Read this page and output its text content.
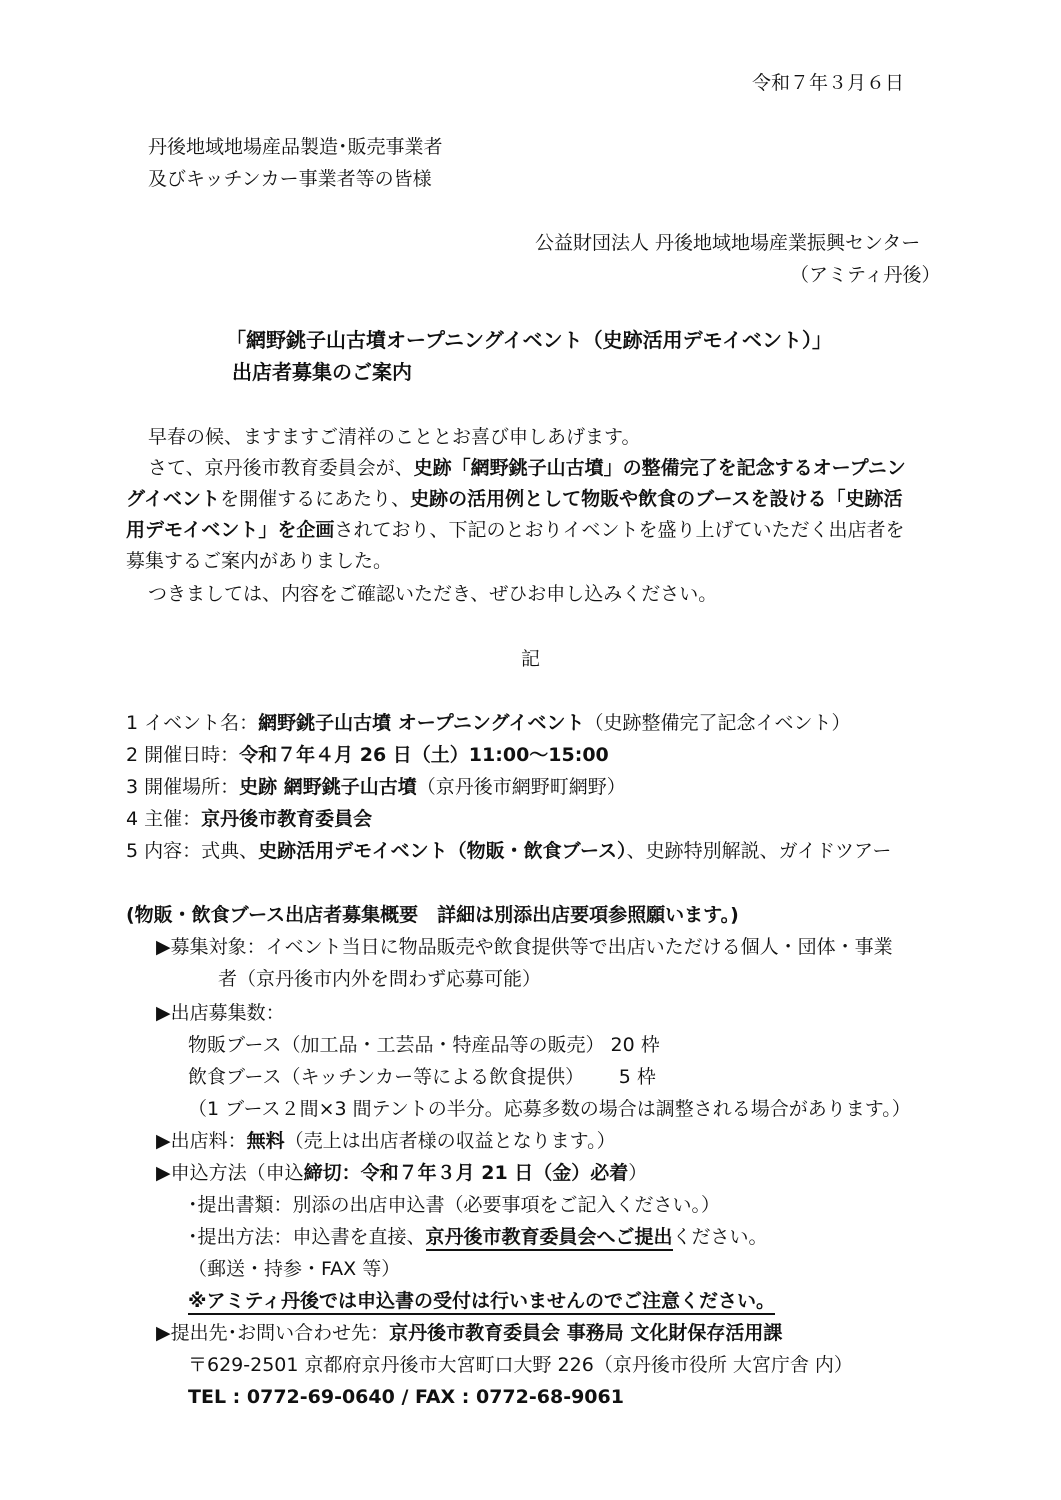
令和７年３月６日
丹後地域地場産品製造･販売事業者
及びキッチンカー事業者等の皆様
公益財団法人 丹後地域地場産業振興センター
（アミティ丹後）
「網野銚子山古墳オープニングイベント（史跡活用デモイベント）」
出店者募集のご案内
早春の候、ますますご清祥のこととお喜び申しあげます。
さて、京丹後市教育委員会が、史跡「網野銚子山古墳」の整備完了を記念するオープニン
グイベントを開催するにあたり、史跡の活用例として物販や飲食のブースを設ける「史跡活
用デモイベント」を企画されており、下記のとおりイベントを盛り上げていただく出店者を
募集するご案内がありました。
つきましては、内容をご確認いただき、ぜひお申し込みください。
記
1 イベント名：網野銚子山古墳 オープニングイベント（史跡整備完了記念イベント）
2 開催日時：令和７年４月 26 日（土）11:00～15:00
3 開催場所：史跡 網野銚子山古墳（京丹後市網野町網野）
4 主催：京丹後市教育委員会
5 内容：式典、史跡活用デモイベント（物販・飲食ブース）、史跡特別解説、ガイドツアー
(物販・飲食ブース出店者募集概要　詳細は別添出店要項参照願います。)
▶募集対象：イベント当日に物品販売や飲食提供等で出店いただける個人・団体・事業
者（京丹後市内外を問わず応募可能）
▶出店募集数：
物販ブース（加工品・工芸品・特産品等の販売） 20 枠
飲食ブース（キッチンカー等による飲食提供）　　 5 枠
（1 ブース２間×3 間テントの半分。応募多数の場合は調整される場合があります。）
▶出店料：無料（売上は出店者様の収益となります。）
▶申込方法（申込締切：令和７年３月 21 日（金）必着）
･提出書類：別添の出店申込書（必要事項をご記入ください。）
･提出方法：申込書を直接、京丹後市教育委員会へご提出ください。
（郵送・持参・FAX 等）
※アミティ丹後では申込書の受付は行いませんのでご注意ください。
▶提出先･お問い合わせ先：京丹後市教育委員会 事務局 文化財保存活用課
〒629-2501 京都府京丹後市大宮町口大野 226（京丹後市役所 大宮庁舎 内）
TEL : 0772-69-0640 / FAX : 0772-68-9061
